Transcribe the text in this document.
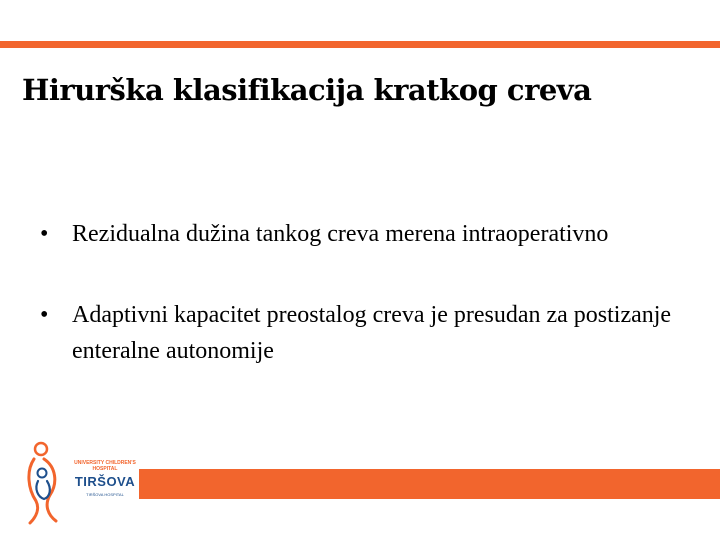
Hirurška klasifikacija kratkog creva
• Rezidualna dužina tankog creva merena intraoperativno
• Adaptivni kapacitet preostalog creva je presudan za postizanje enteralne autonomije
UNIVERSITY CHILDREN'S
HOSPITAL
TIRŠOVA
TIRŠOVA HOSPITAL
